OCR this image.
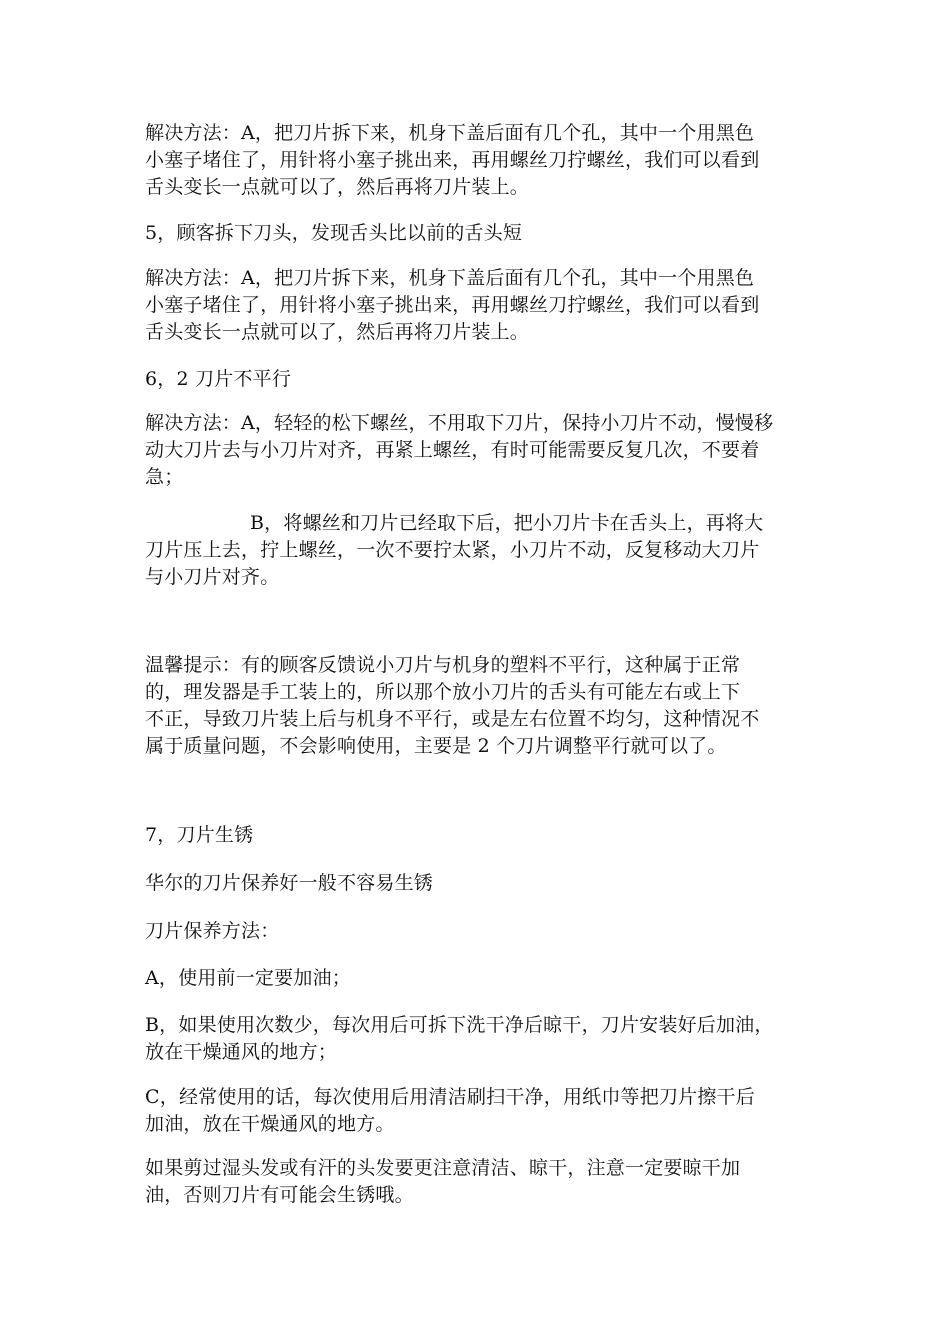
解决方法：A，把刀片拆下来，机身下盖后面有几个孔，其中一个用黑色
小塞子堵住了，用针将小塞子挑出来，再用螺丝刀拧螺丝，我们可以看到
舌头变长一点就可以了，然后再将刀片装上。

5，顾客拆下刀头，发现舌头比以前的舌头短

解决方法：A，把刀片拆下来，机身下盖后面有几个孔，其中一个用黑色
小塞子堵住了，用针将小塞子挑出来，再用螺丝刀拧螺丝，我们可以看到
舌头变长一点就可以了，然后再将刀片装上。

6，2 刀片不平行

解决方法：A，轻轻的松下螺丝，不用取下刀片，保持小刀片不动，慢慢移
动大刀片去与小刀片对齐，再紧上螺丝，有时可能需要反复几次，不要着
急；

B，将螺丝和刀片已经取下后，把小刀片卡在舌头上，再将大
刀片压上去，拧上螺丝，一次不要拧太紧，小刀片不动，反复移动大刀片
与小刀片对齐。

温馨提示：有的顾客反馈说小刀片与机身的塑料不平行，这种属于正常
的，理发器是手工装上的，所以那个放小刀片的舌头有可能左右或上下
不正，导致刀片装上后与机身不平行，或是左右位置不均匀，这种情况不
属于质量问题，不会影响使用，主要是 2 个刀片调整平行就可以了。

7，刀片生锈

华尔的刀片保养好一般不容易生锈

刀片保养方法：

A，使用前一定要加油；

B，如果使用次数少，每次用后可拆下洗干净后晾干，刀片安装好后加油，
放在干燥通风的地方；

C，经常使用的话，每次使用后用清洁刷扫干净，用纸巾等把刀片擦干后
加油，放在干燥通风的地方。

如果剪过湿头发或有汗的头发要更注意清洁、晾干，注意一定要晾干加
油，否则刀片有可能会生锈哦。
